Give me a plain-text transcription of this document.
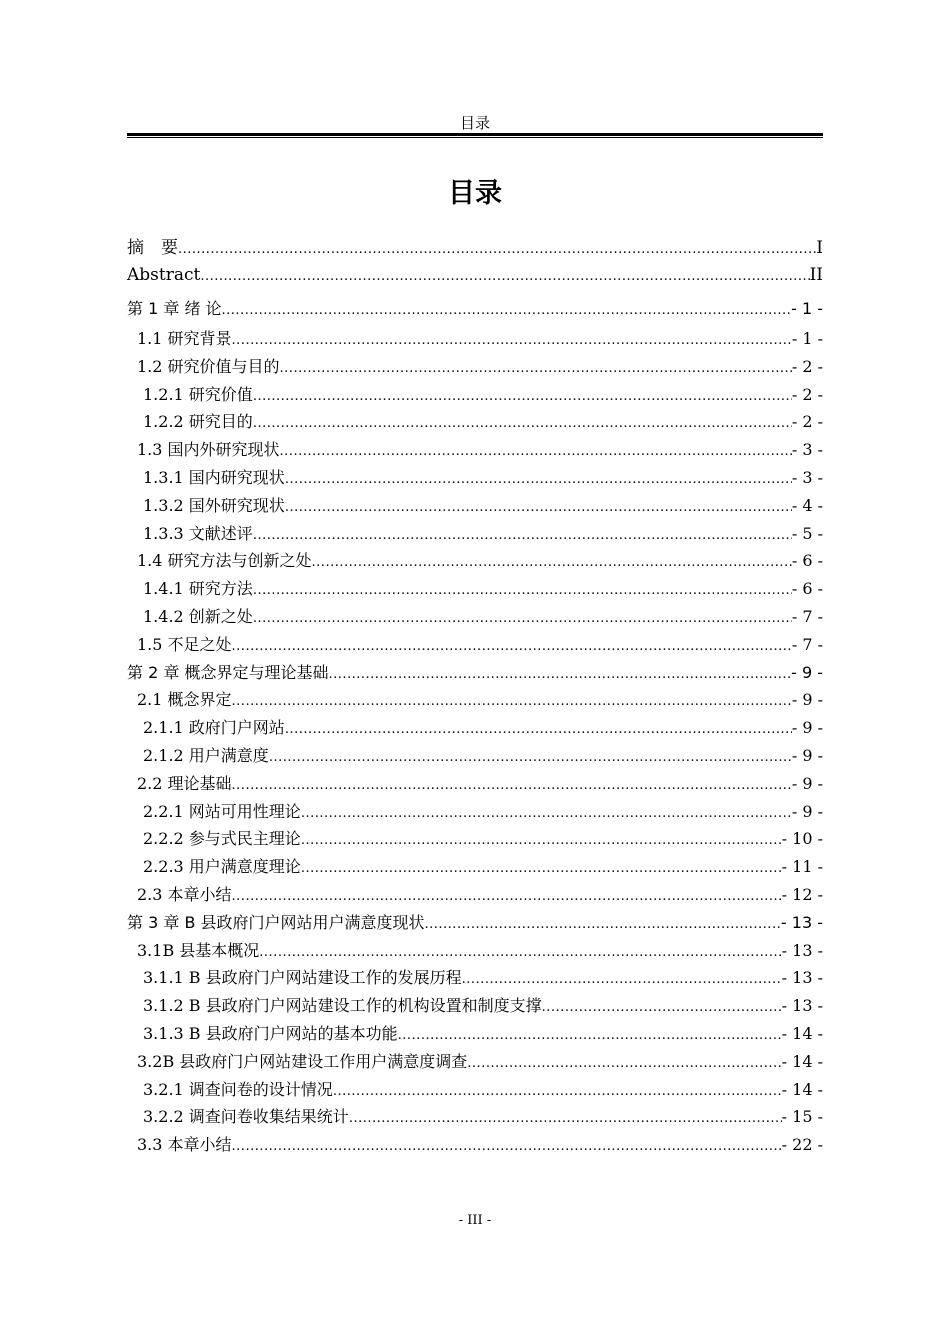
目录
目录
摘　要 .....	I
Abstract .....	II
第 1 章 绪 论 .....	- 1 -
1.1 研究背景 .....	- 1 -
1.2 研究价值与目的 .....	- 2 -
1.2.1 研究价值 .....	- 2 -
1.2.2 研究目的 .....	- 2 -
1.3 国内外研究现状 .....	- 3 -
1.3.1 国内研究现状 .....	- 3 -
1.3.2 国外研究现状 .....	- 4 -
1.3.3 文献述评 .....	- 5 -
1.4 研究方法与创新之处 .....	- 6 -
1.4.1 研究方法 .....	- 6 -
1.4.2 创新之处 .....	- 7 -
1.5 不足之处 .....	- 7 -
第 2 章 概念界定与理论基础 .....	- 9 -
2.1 概念界定 .....	- 9 -
2.1.1 政府门户网站 .....	- 9 -
2.1.2 用户满意度 .....	- 9 -
2.2 理论基础 .....	- 9 -
2.2.1 网站可用性理论 .....	- 9 -
2.2.2 参与式民主理论 .....	- 10 -
2.2.3 用户满意度理论 .....	- 11 -
2.3 本章小结 .....	- 12 -
第 3 章 B 县政府门户网站用户满意度现状 .....	- 13 -
3.1B 县基本概况 .....	- 13 -
3.1.1 B 县政府门户网站建设工作的发展历程 .....	- 13 -
3.1.2 B 县政府门户网站建设工作的机构设置和制度支撑 .....	- 13 -
3.1.3 B 县政府门户网站的基本功能 .....	- 14 -
3.2B 县政府门户网站建设工作用户满意度调查 .....	- 14 -
3.2.1 调查问卷的设计情况 .....	- 14 -
3.2.2 调查问卷收集结果统计 .....	- 15 -
3.3 本章小结 .....	- 22 -
- III -
